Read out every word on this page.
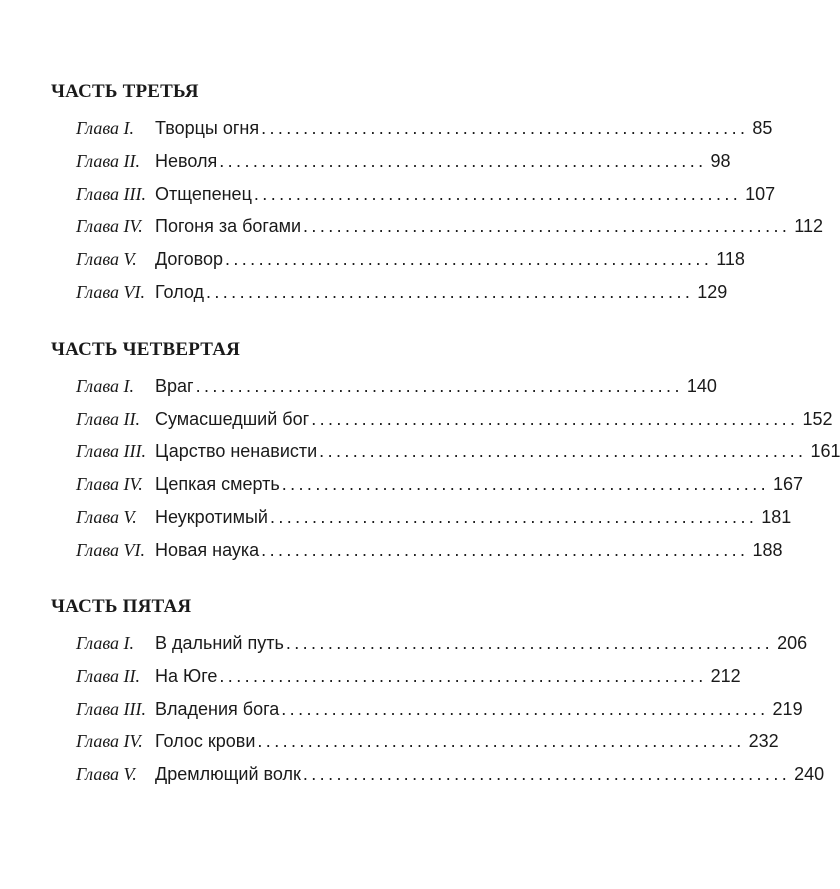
ЧАСТЬ ТРЕТЬЯ
Глава I.	Творцы огня .......................................................... 85
Глава II. Неволя .......................................................... 98
Глава III. Отщепенец .......................................................... 107
Глава IV. Погоня за богами .......................................................... 112
Глава V.	Договор .......................................................... 118
Глава VI. Голод .......................................................... 129
ЧАСТЬ ЧЕТВЕРТАЯ
Глава I.	Враг .......................................................... 140
Глава II. Сумасшедший бог .......................................................... 152
Глава III. Царство ненависти .......................................................... 161
Глава IV. Цепкая смерть .......................................................... 167
Глава V.	Неукротимый .......................................................... 181
Глава VI. Новая наука .......................................................... 188
ЧАСТЬ ПЯТАЯ
Глава I.	В дальний путь .......................................................... 206
Глава II. На Юге .......................................................... 212
Глава III. Владения бога .......................................................... 219
Глава IV. Голос крови .......................................................... 232
Глава V.	Дремлющий волк .......................................................... 240
